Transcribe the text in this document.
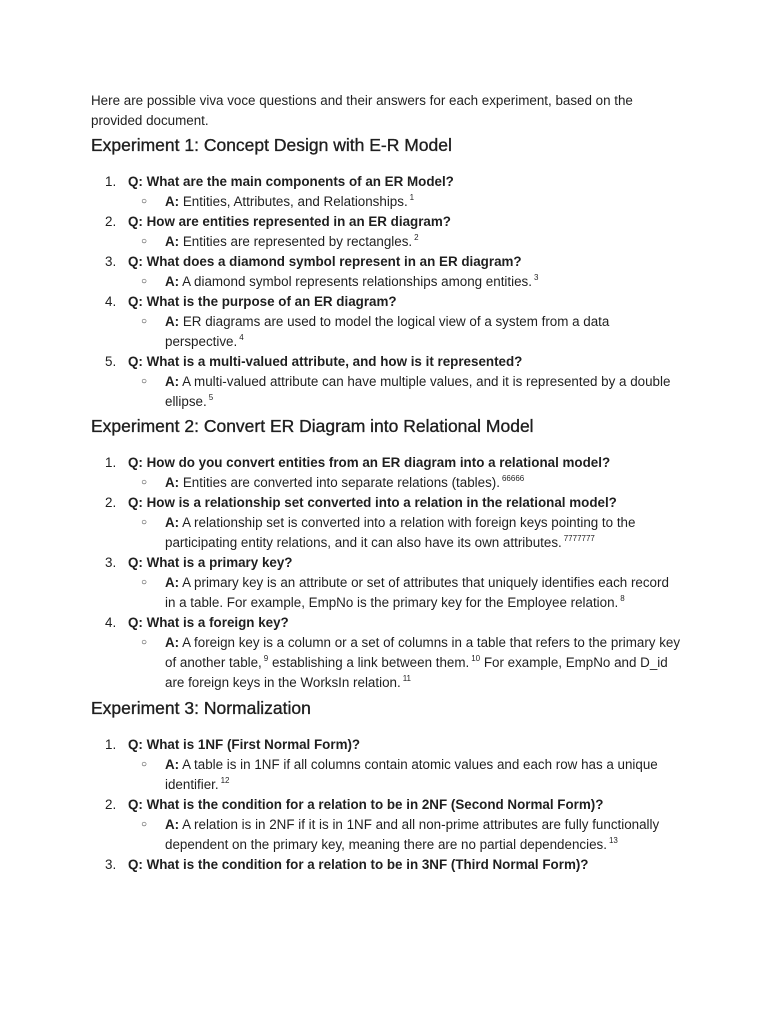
Here are possible viva voce questions and their answers for each experiment, based on the provided document.

Experiment 1: Concept Design with E-R Model
1. Q: What are the main components of an ER Model?
○ A: Entities, Attributes, and Relationships. $^1$
2. Q: How are entities represented in an ER diagram?
○ A: Entities are represented by rectangles. $^2$
3. Q: What does a diamond symbol represent in an ER diagram?
○ A: A diamond symbol represents relationships among entities. $^3$
4. Q: What is the purpose of an ER diagram?
○ A: ER diagrams are used to model the logical view of a system from a data perspective. $^4$
5. Q: What is a multi-valued attribute, and how is it represented?
○ A: A multi-valued attribute can have multiple values, and it is represented by a double ellipse. $^5$
Experiment 2: Convert ER Diagram into Relational Model
1. Q: How do you convert entities from an ER diagram into a relational model?
○ A: Entities are converted into separate relations (tables). $^{66666}$
2. Q: How is a relationship set converted into a relation in the relational model?
○ A: A relationship set is converted into a relation with foreign keys pointing to the participating entity relations, and it can also have its own attributes. $^{7777777}$
3. Q: What is a primary key?
○ A: A primary key is an attribute or set of attributes that uniquely identifies each record in a table. For example, EmpNo is the primary key for the Employee relation. $^8$
4. Q: What is a foreign key?
○ A: A foreign key is a column or a set of columns in a table that refers to the primary key of another table, $^9$ establishing a link between them. $^{10}$ For example, EmpNo and D_id are foreign keys in the WorksIn relation. $^{11}$
Experiment 3: Normalization
1. Q: What is 1NF (First Normal Form)?
○ A: A table is in 1NF if all columns contain atomic values and each row has a unique identifier. $^{12}$
2. Q: What is the condition for a relation to be in 2NF (Second Normal Form)?
○ A: A relation is in 2NF if it is in 1NF and all non-prime attributes are fully functionally dependent on the primary key, meaning there are no partial dependencies. $^{13}$
3. Q: What is the condition for a relation to be in 3NF (Third Normal Form)?
